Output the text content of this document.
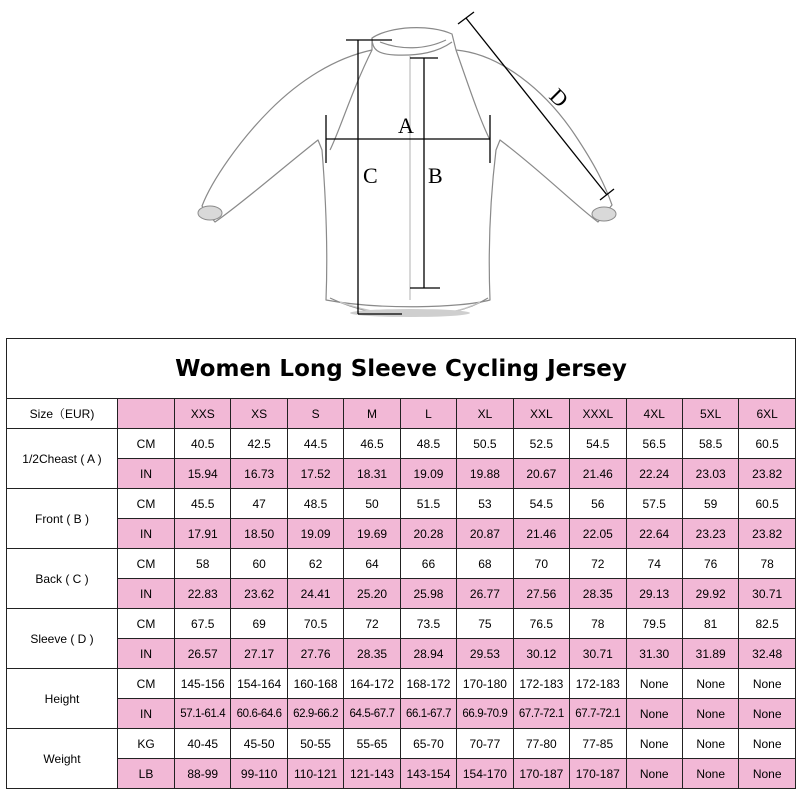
A
C B
D
Women Long Sleeve Cycling Jersey												
Size（EUR)		XXS	XS	S	M	L	XL	XXL	XXXL	4XL	5XL	6XL
1/2Cheast ( A )	CM	40.5	42.5	44.5	46.5	48.5	50.5	52.5	54.5	56.5	58.5	60.5
	IN	15.94	16.73	17.52	18.31	19.09	19.88	20.67	21.46	22.24	23.03	23.82
Front ( B )	CM	45.5	47	48.5	50	51.5	53	54.5	56	57.5	59	60.5
	IN	17.91	18.50	19.09	19.69	20.28	20.87	21.46	22.05	22.64	23.23	23.82
Back ( C )	CM	58	60	62	64	66	68	70	72	74	76	78
	IN	22.83	23.62	24.41	25.20	25.98	26.77	27.56	28.35	29.13	29.92	30.71
Sleeve ( D )	CM	67.5	69	70.5	72	73.5	75	76.5	78	79.5	81	82.5
	IN	26.57	27.17	27.76	28.35	28.94	29.53	30.12	30.71	31.30	31.89	32.48
Height	CM	145-156	154-164	160-168	164-172	168-172	170-180	172-183	172-183	None	None	None
	IN	57.1-61.4	60.6-64.6	62.9-66.2	64.5-67.7	66.1-67.7	66.9-70.9	67.7-72.1	67.7-72.1	None	None	None
Weight	KG	40-45	45-50	50-55	55-65	65-70	70-77	77-80	77-85	None	None	None
	LB	88-99	99-110	110-121	121-143	143-154	154-170	170-187	170-187	None	None	None
